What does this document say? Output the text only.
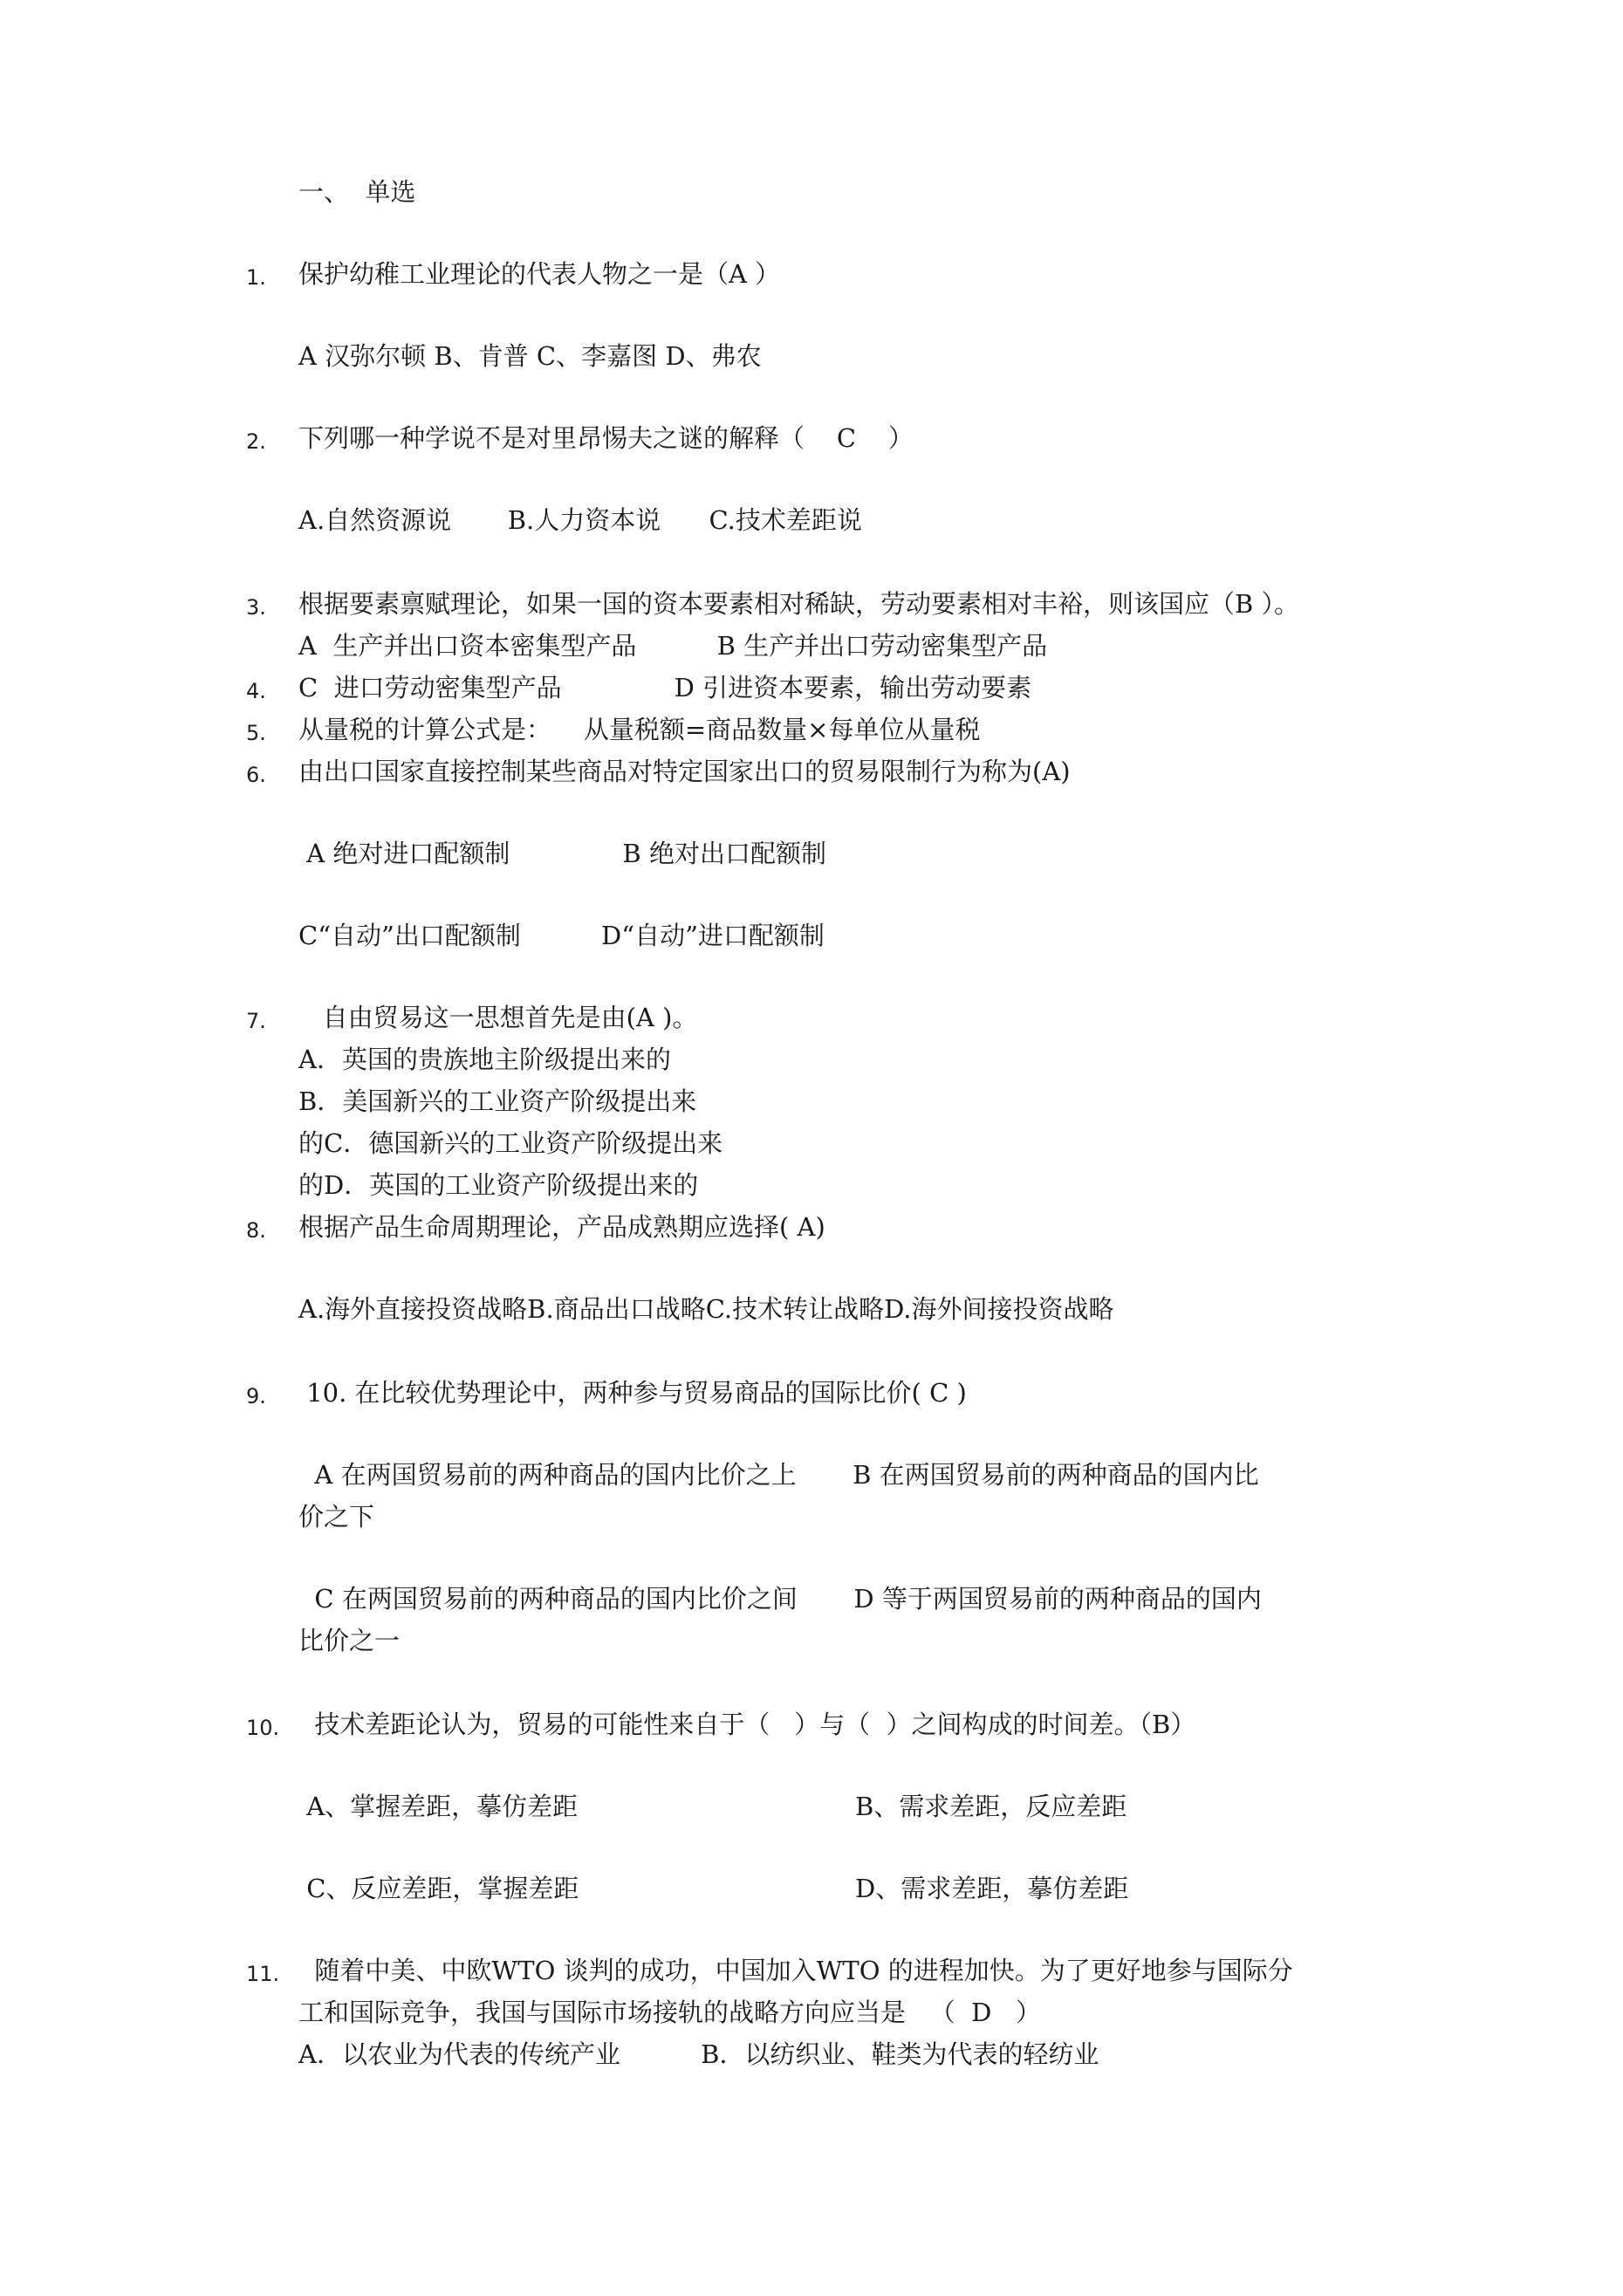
一、  单选
1. 保护幼稚工业理论的代表人物之一是（A ）
A 汉弥尔顿 B、肯普 C、李嘉图 D、弗农
2. 下列哪一种学说不是对里昂惕夫之谜的解释（    C    ）
A.自然资源说       B.人力资本说      C.技术差距说
3. 根据要素禀赋理论，如果一国的资本要素相对稀缺，劳动要素相对丰裕，则该国应（B ）。
A  生产并出口资本密集型产品          B 生产并出口劳动密集型产品
4. C  进口劳动密集型产品              D 引进资本要素，输出劳动要素
5. 从量税的计算公式是：    从量税额=商品数量×每单位从量税
6. 由出口国家直接控制某些商品对特定国家出口的贸易限制行为称为(A)
A 绝对进口配额制              B 绝对出口配额制
C“自动”出口配额制          D“自动”进口配额制
7. 自由贸易这一思想首先是由(A )。
A．英国的贵族地主阶级提出来的
B．美国新兴的工业资产阶级提出来
的C．德国新兴的工业资产阶级提出来
的D．英国的工业资产阶级提出来的
8. 根据产品生命周期理论，产品成熟期应选择( A)
A.海外直接投资战略B.商品出口战略C.技术转让战略D.海外间接投资战略
9. 10. 在比较优势理论中，两种参与贸易商品的国际比价( C )
A 在两国贸易前的两种商品的国内比价之上       B 在两国贸易前的两种商品的国内比
价之下
C 在两国贸易前的两种商品的国内比价之间       D 等于两国贸易前的两种商品的国内
比价之一
10. 技术差距论认为，贸易的可能性来自于（   ）与（  ）之间构成的时间差。（B）
A、掌握差距，摹仿差距	B、需求差距，反应差距
C、反应差距，掌握差距	D、需求差距，摹仿差距
11. 随着中美、中欧WTO 谈判的成功，中国加入WTO 的进程加快。为了更好地参与国际分
工和国际竞争，我国与国际市场接轨的战略方向应当是   （  D   ）
A．以农业为代表的传统产业          B．以纺织业、鞋类为代表的轻纺业
